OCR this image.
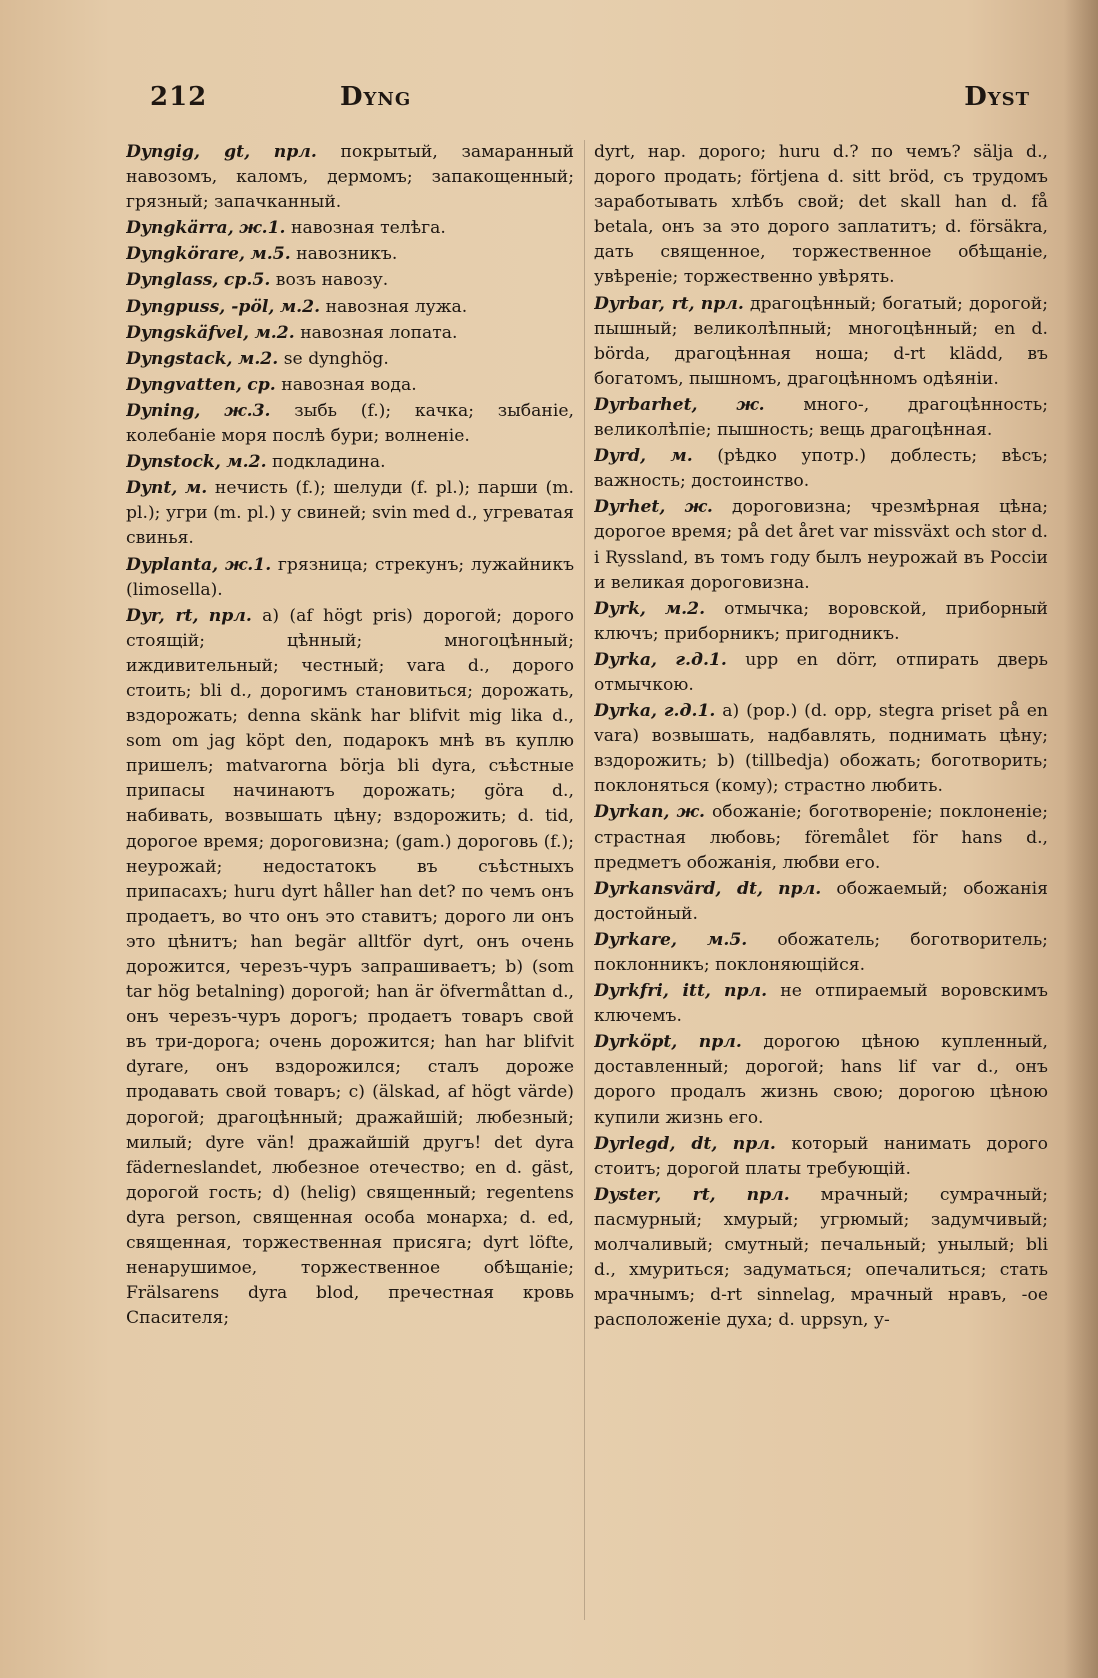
212	Dyng	Dyst

Dyngig, gt, прл. покрытый, замаранный навозомъ, каломъ, дермомъ; запакощенный; грязный; запачканный.

Dyngkärra, ж.1. навозная телѣга.

Dyngkörare, м.5. навозникъ.

Dynglass, ср.5. возъ навозу.

Dyngpuss, -pöl, м.2. навозная лужа.

Dyngskäfvel, м.2. навозная лопата.

Dyngstack, м.2. se dynghög.

Dyngvatten, ср. навозная вода.

Dyning, ж.3. зыбь (f.); качка; зыбаніе, колебаніе моря послѣ бури; волненіе.

Dynstock, м.2. подкладина.

Dynt, м. нечисть (f.); шелуди (f. pl.); парши (m. pl.); угри (m. pl.) у свиней; svin med d., угреватая свинья.

Dyplanta, ж.1. грязница; стрекунъ; лужайникъ (limosella).

Dyr, rt, прл. a) (af högt pris) дорогой; дорого стоящій; цѣнный; многоцѣнный; иждивительный; честный; vara d., дорого стоить; bli d., дорогимъ становиться; дорожать, вздорожать; denna skänk har blifvit mig lika d., som om jag köpt den, подарокъ мнѣ въ куплю пришелъ; matvarorna börja bli dyra, съѣстные припасы начинаютъ дорожать; göra d., набивать, возвышать цѣну; вздорожить; d. tid, дорогое время; дороговизна; (gam.) дороговь (f.); неурожай; недостатокъ въ съѣстныхъ припасахъ; huru dyrt håller han det? по чемъ онъ продаетъ, во что онъ это ставитъ; дорого ли онъ это цѣнитъ; han begär alltför dyrt, онъ очень дорожится, черезъ-чуръ запрашиваетъ; b) (som tar hög betalning) дорогой; han är öfvermåttan d., онъ черезъ-чуръ дорогъ; продаетъ товаръ свой въ три-дорога; очень дорожится; han har blifvit dyrare, онъ вздорожился; сталъ дороже продавать свой товаръ; c) (älskad, af högt värde) дорогой; драгоцѣнный; дражайшій; любезный; милый; dyre vän! дражайшій другъ! det dyra fäderneslandet, любезное отечество; en d. gäst, дорогой гость; d) (helig) священный; regentens dyra person, священная особа монарха; d. ed, священная, торжественная присяга; dyrt löfte, ненарушимое, торжественное обѣщаніе; Frälsarens dyra blod, пречестная кровь Спасителя;

dyrt, нар. дорого; huru d.? по чемъ? sälja d., дорого продать; förtjena d. sitt bröd, съ трудомъ заработывать хлѣбъ свой; det skall han d. få betala, онъ за это дорого заплатитъ; d. försäkra, дать священное, торжественное обѣщаніе, увѣреніе; торжественно увѣрять.

Dyrbar, rt, прл. драгоцѣнный; богатый; дорогой; пышный; великолѣпный; многоцѣнный; en d. börda, драгоцѣнная ноша; d-rt klädd, въ богатомъ, пышномъ, драгоцѣнномъ одѣяніи.

Dyrbarhet, ж. много-, драгоцѣнность; великолѣпіе; пышность; вещь драгоцѣнная.

Dyrd, м. (рѣдко употр.) доблесть; вѣсъ; важность; достоинство.

Dyrhet, ж. дороговизна; чрезмѣрная цѣна; дорогое время; på det året var missväxt och stor d. i Ryssland, въ томъ году былъ неурожай въ Россіи и великая дороговизна.

Dyrk, м.2. отмычка; воровской, приборный ключъ; приборникъ; пригодникъ.

Dyrka, г.д.1. upp en dörr, отпирать дверь отмычкою.

Dyrka, г.д.1. a) (pop.) (d. opp, stegra priset på en vara) возвышать, надбавлять, поднимать цѣну; вздорожить; b) (tillbedja) обожать; боготворить; поклоняться (кому); страстно любить.

Dyrkan, ж. обожаніе; боготвореніе; поклоненіе; страстная любовь; föremålet för hans d., предметъ обожанія, любви его.

Dyrkansvärd, dt, прл. обожаемый; обожанія достойный.

Dyrkare, м.5. обожатель; боготворитель; поклонникъ; поклоняющійся.

Dyrkfri, itt, прл. не отпираемый воровскимъ ключемъ.

Dyrköpt, прл. дорогою цѣною купленный, доставленный; дорогой; hans lif var d., онъ дорого продалъ жизнь свою; дорогою цѣною купили жизнь его.

Dyrlegd, dt, прл. который нанимать дорого стоитъ; дорогой платы требующій.

Dyster, rt, прл. мрачный; сумрачный; пасмурный; хмурый; угрюмый; задумчивый; молчаливый; смутный; печальный; унылый; bli d., хмуриться; задуматься; опечалиться; стать мрачнымъ; d-rt sinnelag, мрачный нравъ, -ое расположеніе духа; d. uppsyn, у-
